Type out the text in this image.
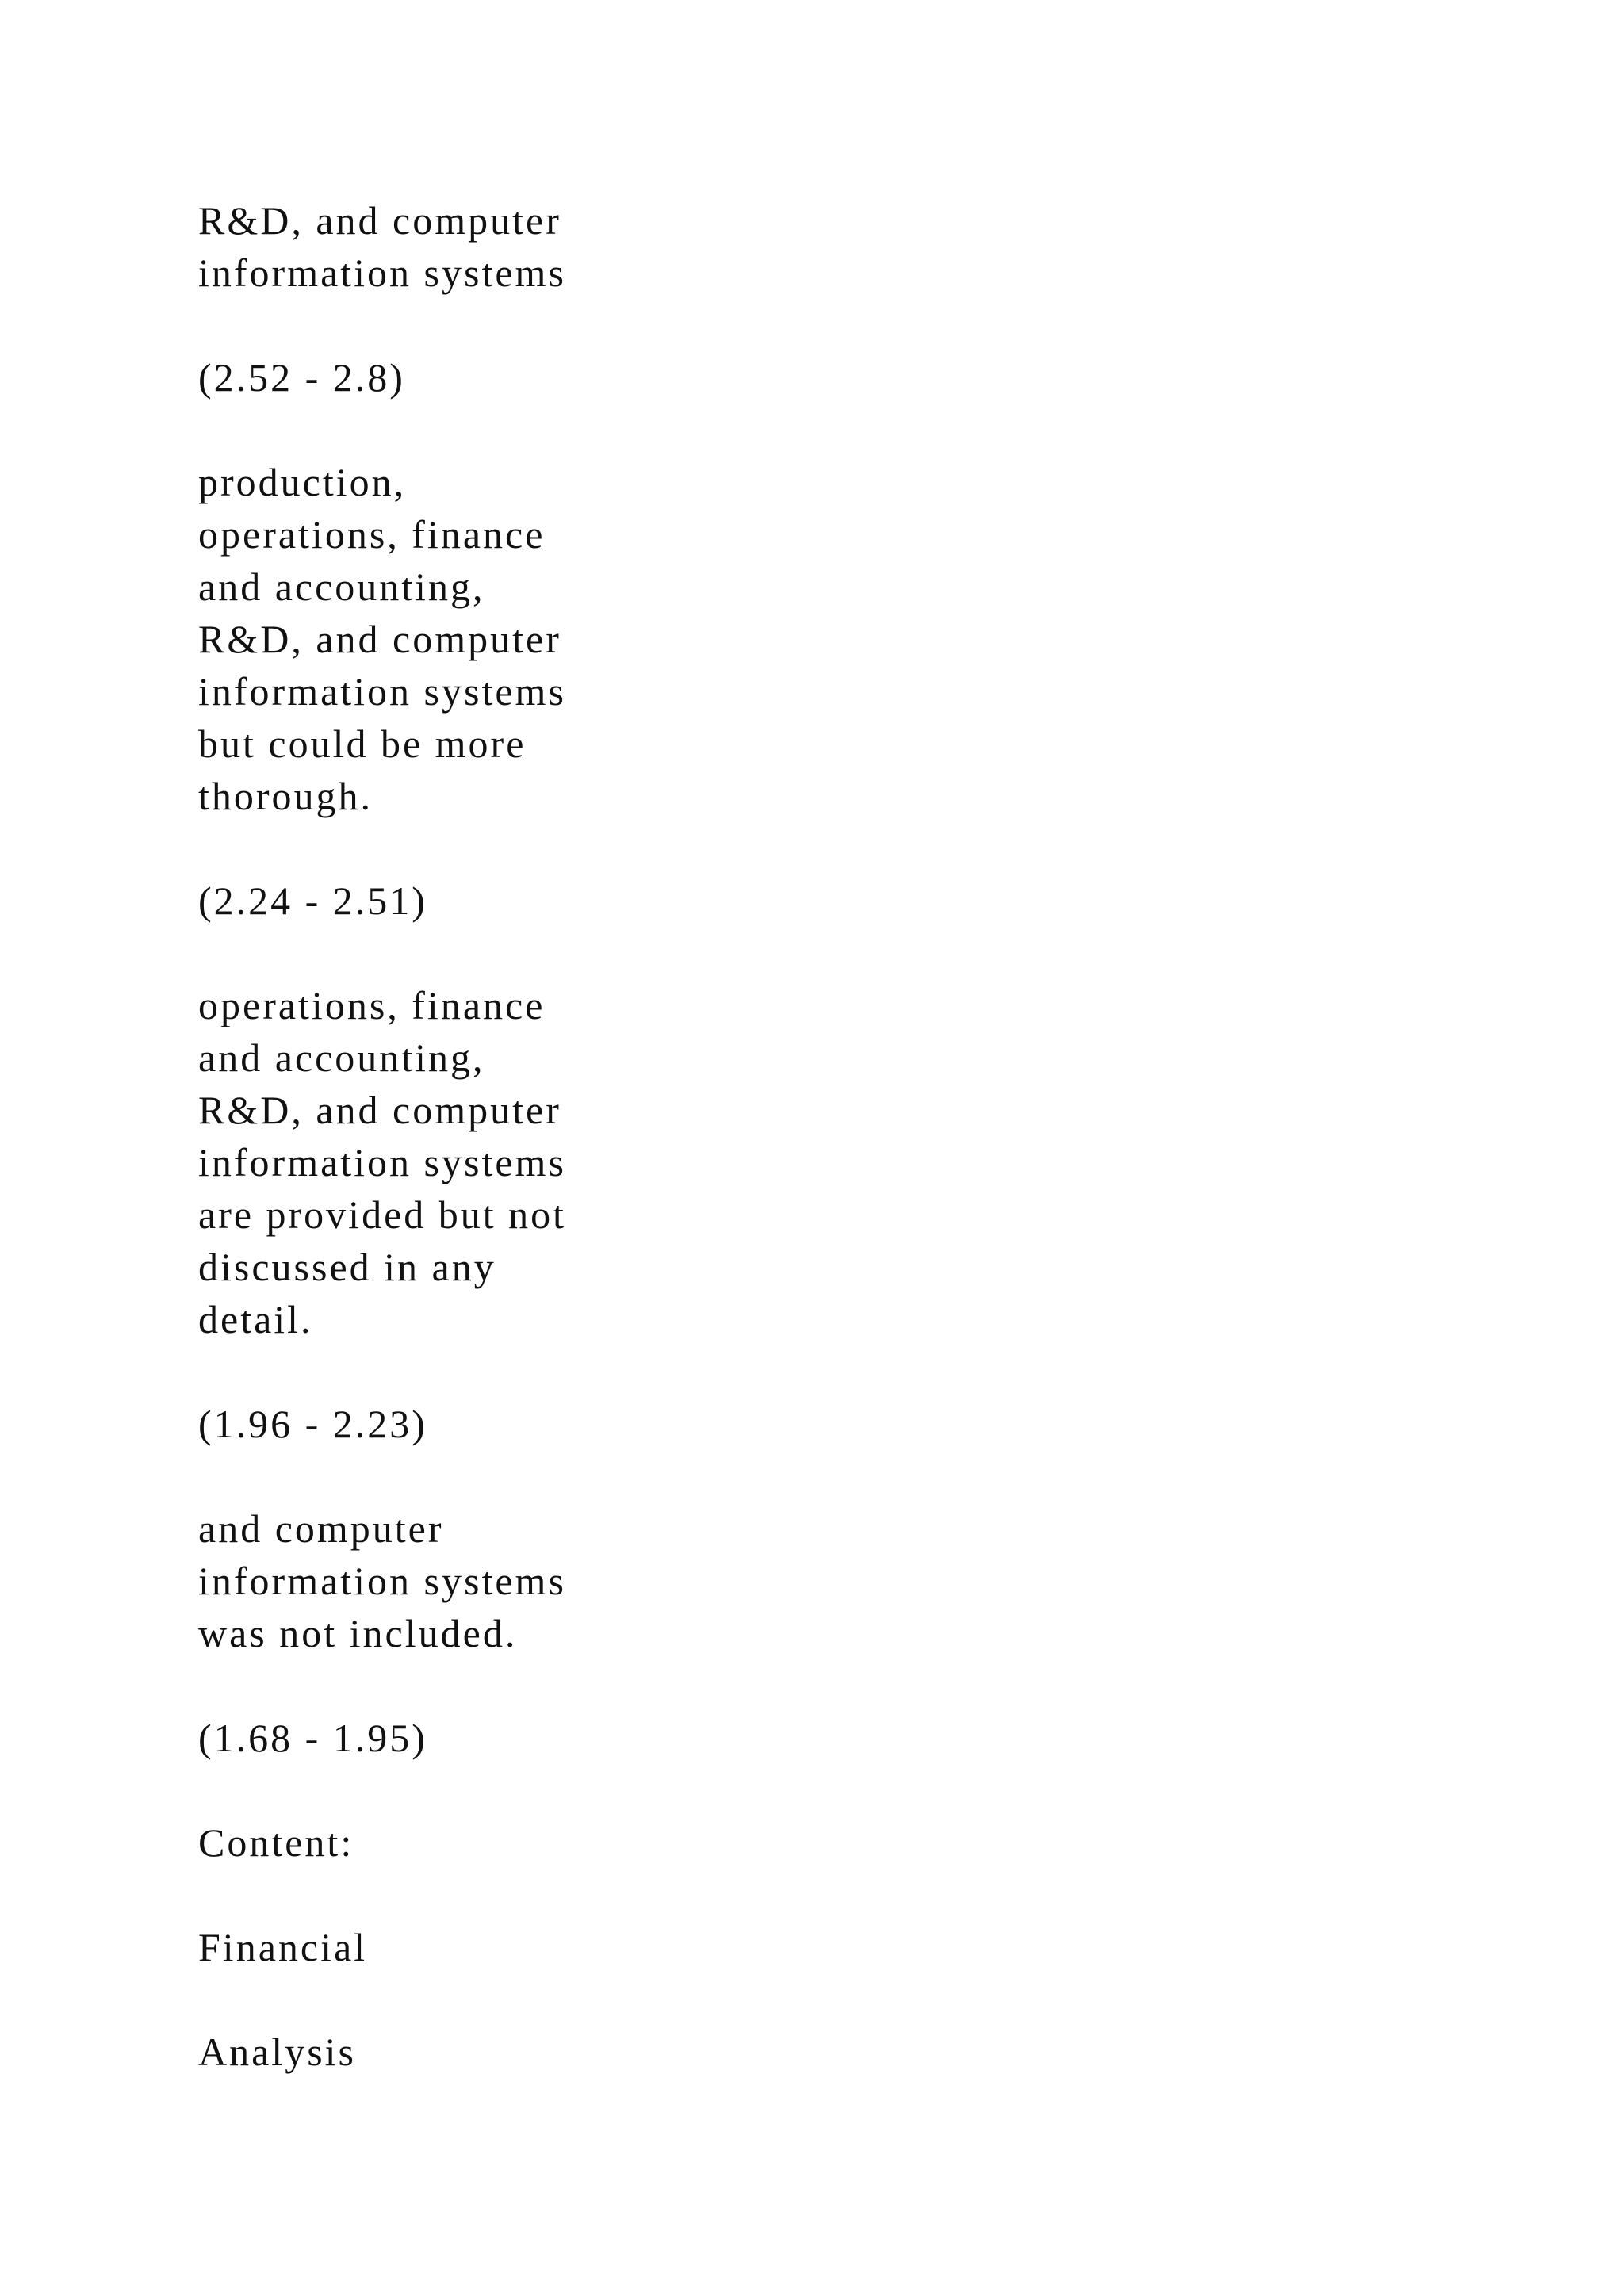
R&D, and computer
information systems

(2.52 - 2.8)

production,
operations, finance
and accounting,
R&D, and computer
information systems
but could be more
thorough.

(2.24 - 2.51)

operations, finance
and accounting,
R&D, and computer
information systems
are provided but not
discussed in any
detail.

(1.96 - 2.23)

and computer
information systems
was not included.

(1.68 - 1.95)

Content:

Financial

Analysis
